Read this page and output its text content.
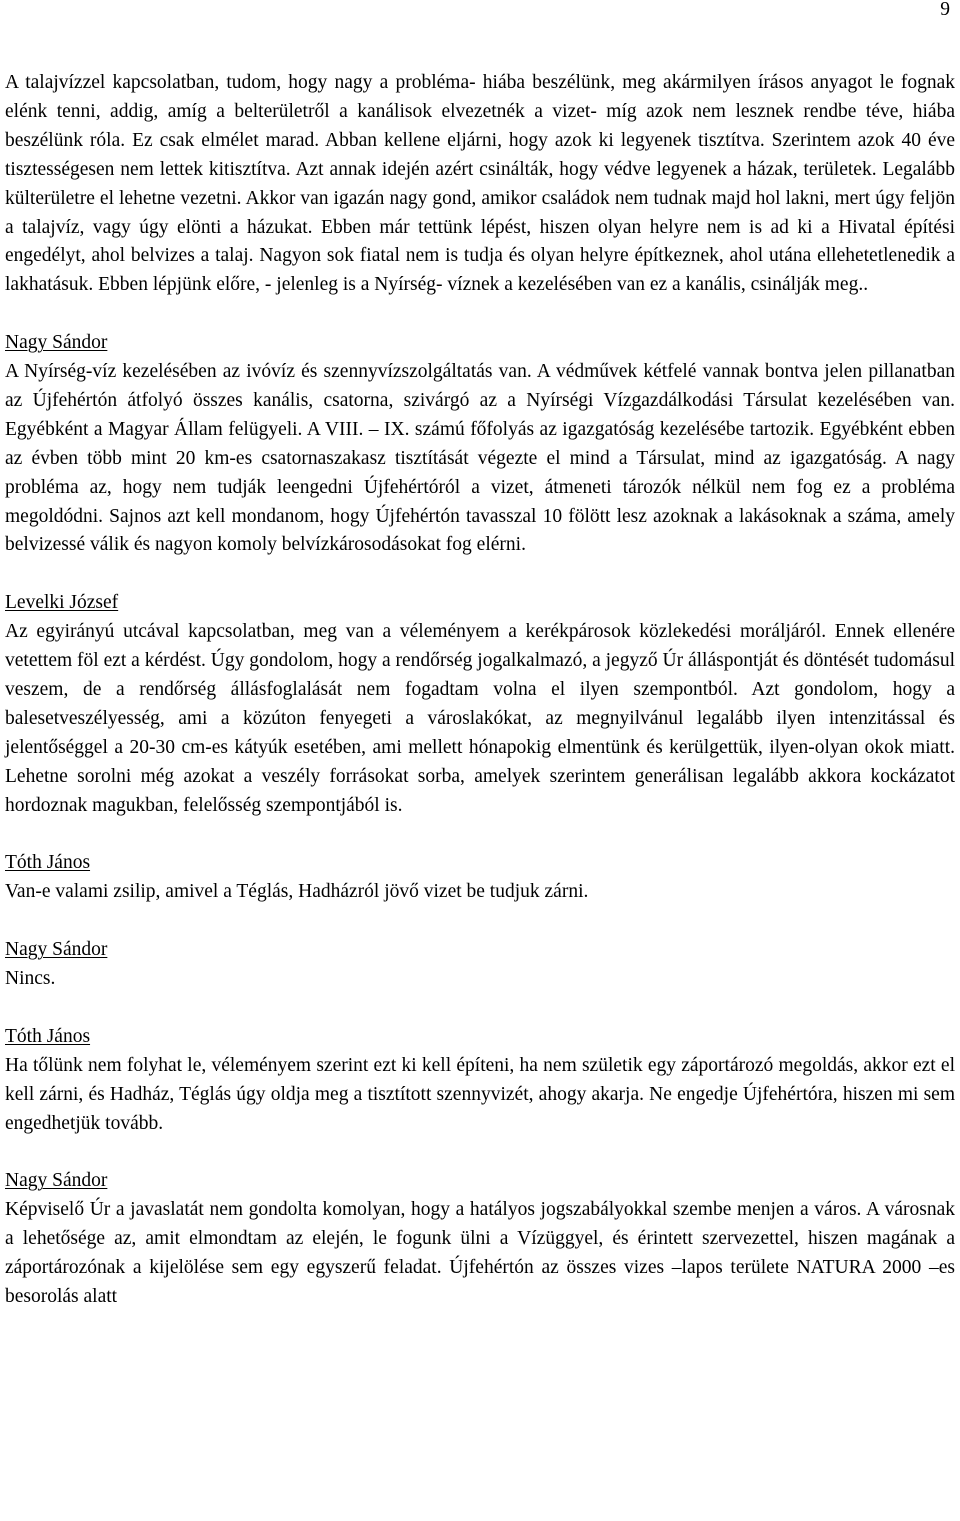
9

A talajvízzel kapcsolatban, tudom, hogy nagy a probléma- hiába beszélünk, meg akármilyen írásos anyagot le fognak elénk tenni, addig, amíg a belterületről a kanálisok elvezetnék a vizet- míg azok nem lesznek rendbe téve, hiába beszélünk róla. Ez csak elmélet marad. Abban kellene eljárni, hogy azok ki legyenek tisztítva. Szerintem azok 40 éve tisztességesen nem lettek kitisztítva. Azt annak idején azért csinálták, hogy védve legyenek a házak, területek. Legalább külterületre el lehetne vezetni. Akkor van igazán nagy gond, amikor családok nem tudnak majd hol lakni, mert úgy feljön a talajvíz, vagy úgy elönti a házukat. Ebben már tettünk lépést, hiszen olyan helyre nem is ad ki a Hivatal építési engedélyt, ahol belvizes a talaj. Nagyon sok fiatal nem is tudja és olyan helyre építkeznek, ahol utána ellehetetlenedik a lakhatásuk. Ebben lépjünk előre, - jelenleg is a Nyírség- víznek a kezelésében van ez a kanális, csinálják meg..

Nagy Sándor

A Nyírség-víz kezelésében az ivóvíz és szennyvízszolgáltatás van. A védművek kétfelé vannak bontva jelen pillanatban az Újfehértón átfolyó összes kanális, csatorna, szivárgó az a Nyírségi Vízgazdálkodási Társulat kezelésében van. Egyébként a Magyar Állam felügyeli. A VIII. – IX. számú főfolyás az igazgatóság kezelésébe tartozik. Egyébként ebben az évben több mint 20 km-es csatornaszakasz tisztítását végezte el mind a Társulat, mind az igazgatóság. A nagy probléma az, hogy nem tudják leengedni Újfehértóról a vizet, átmeneti tározók nélkül nem fog ez a probléma megoldódni. Sajnos azt kell mondanom, hogy Újfehértón tavasszal 10 fölött lesz azoknak a lakásoknak a száma, amely belvizessé válik és nagyon komoly belvízkárosodásokat fog elérni.

Levelki József

Az egyirányú utcával kapcsolatban, meg van a véleményem a kerékpárosok közlekedési moráljáról. Ennek ellenére vetettem föl ezt a kérdést. Úgy gondolom, hogy a rendőrség jogalkalmazó, a jegyző Úr álláspontját és döntését tudomásul veszem, de a rendőrség állásfoglalását nem fogadtam volna el ilyen szempontból. Azt gondolom, hogy a balesetveszélyesség, ami a közúton fenyegeti a városlakókat, az megnyilvánul legalább ilyen intenzitással és jelentőséggel a 20-30 cm-es kátyúk esetében, ami mellett hónapokig elmentünk és kerülgettük, ilyen-olyan okok miatt. Lehetne sorolni még azokat a veszély forrásokat sorba, amelyek szerintem generálisan legalább akkora kockázatot hordoznak magukban, felelősség szempontjából is.

Tóth János

Van-e valami zsilip, amivel a Téglás, Hadházról jövő vizet be tudjuk zárni.

Nagy Sándor

Nincs.

Tóth János

Ha tőlünk nem folyhat le, véleményem szerint ezt ki kell építeni, ha nem születik egy záportározó megoldás, akkor ezt el kell zárni, és Hadház, Téglás úgy oldja meg a tisztított szennyvizét, ahogy akarja. Ne engedje Újfehértóra, hiszen mi sem engedhetjük tovább.

Nagy Sándor

Képviselő Úr a javaslatát nem gondolta komolyan, hogy a hatályos jogszabályokkal szembe menjen a város. A városnak a lehetősége az, amit elmondtam az elején, le fogunk ülni a Vízüggyel, és érintett szervezettel, hiszen magának a záportározónak a kijelölése sem egy egyszerű feladat. Újfehértón az összes vizes –lapos területe NATURA 2000 –es besorolás alatt
